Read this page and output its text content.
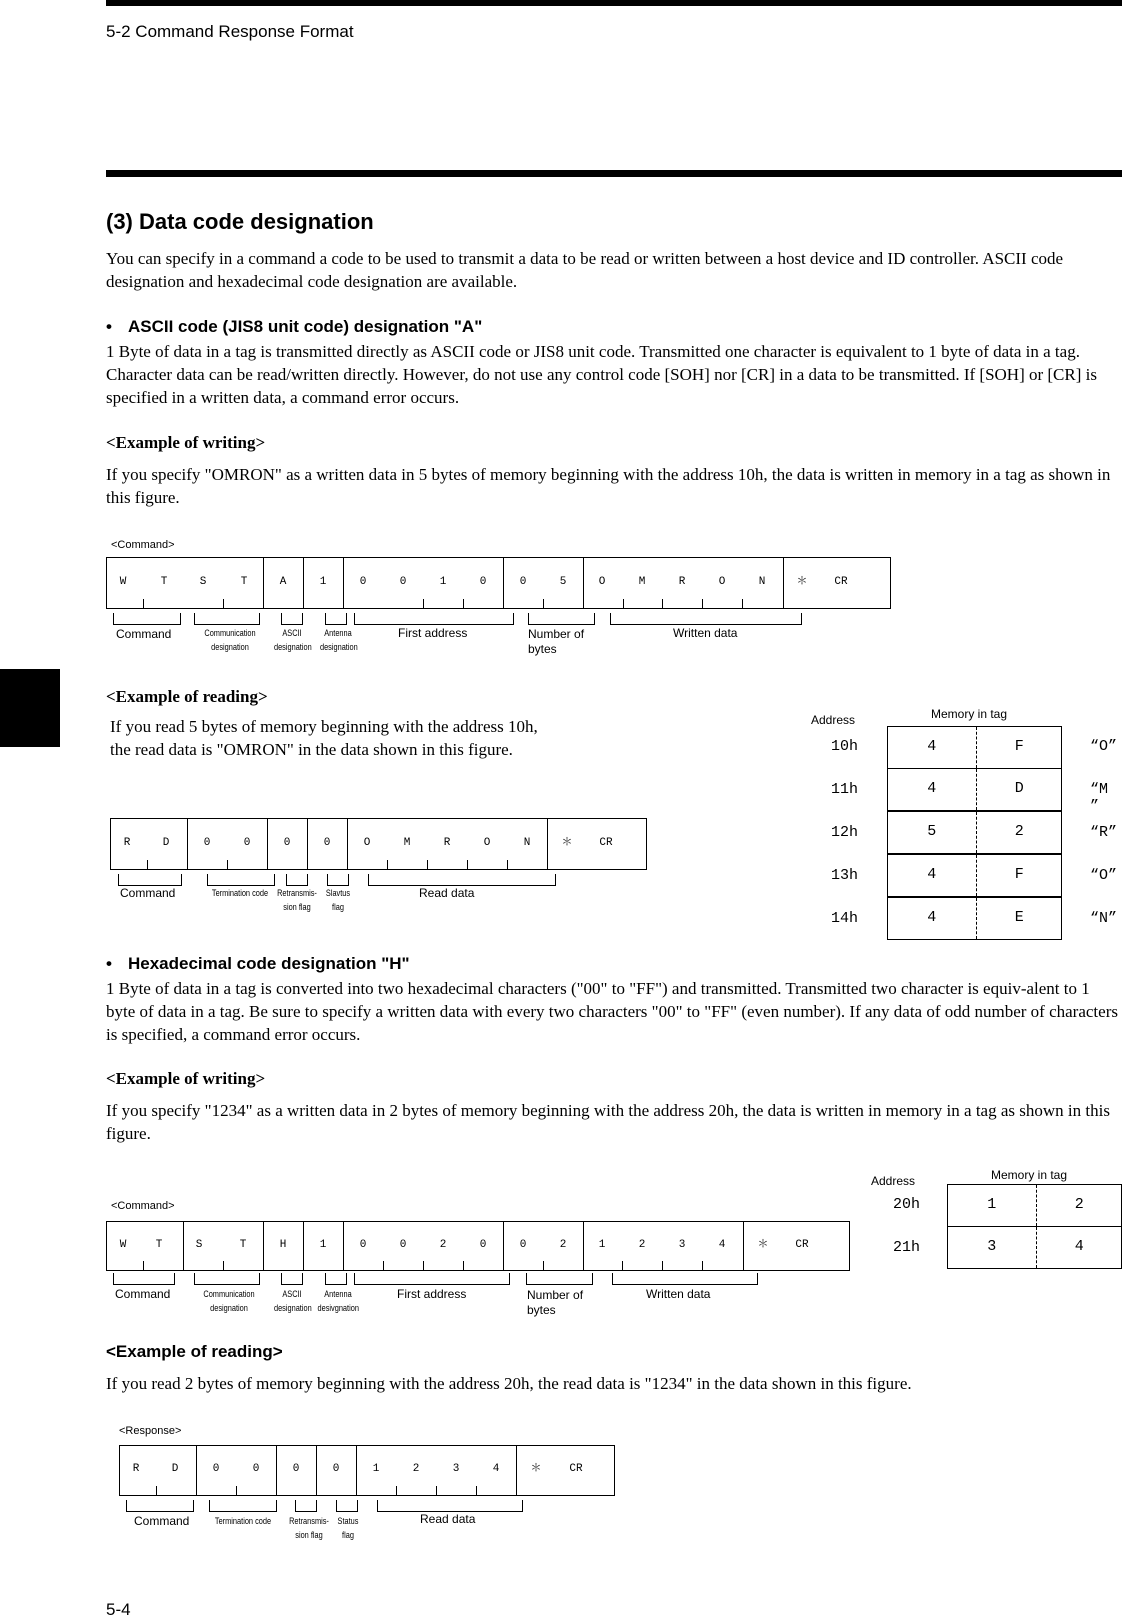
5-2 Command Response Format
(3) Data code designation
You can specify in a command a code to be used to transmit a data to be read or written between a host device and ID controller. ASCII code designation and hexadecimal code designation are available.
• ASCII code (JIS8 unit code) designation "A"
1 Byte of data in a tag is transmitted directly as ASCII code or JIS8 unit code. Transmitted one character is equivalent to 1 byte of data in a tag. Character data can be read/written directly. However, do not use any control code [SOH] nor [CR] in a data to be transmitted. If [SOH] or [CR] is specified in a written data, a command error occurs.
<Example of writing>
If you specify "OMRON" as a written data in 5 bytes of memory beginning with the address 10h, the data is written in memory in a tag as shown in this figure.
<Command>
W	T	S	T	A	1	0	0	1	0	0	5	O	M	R	O	N	＊	CR
Command	Communication
designation
ASCII
designation
Antenna
designation
First address	Number of
bytes
Written data
<Example of reading>
If you read 5 bytes of memory beginning with the address 10h,
the read data is "OMRON" in the data shown in this figure.
R	D	0	0	0	0	O	M	R	O	N	＊	CR
Command	Termination code	Retransmis-
sion flag
Slavtus
flag
Read data
Address	Memory in tag
10h	4	F	“O”
11h	4	D	“M ”
12h	5	2	“R”
13h	4	F	“O”
14h	4	E	“N”
• Hexadecimal code designation "H"
1 Byte of data in a tag is converted into two hexadecimal characters ("00" to "FF") and transmitted. Transmitted two character is equiv-alent to 1 byte of data in a tag. Be sure to specify a written data with every two characters "00" to "FF" (even number). If any data of odd number of characters is specified, a command error occurs.
<Example of writing>
If you specify "1234" as a written data in 2 bytes of memory beginning with the address 20h, the data is written in memory in a tag as shown in this figure.
<Command>
W	T	S	T	H	1	0	0	2	0	0	2	1	2	3	4	＊	CR
Command	Communication
designation
ASCII
designation
Antenna
desivgnation
First address	Number of
bytes
Written data
Address	Memory in tag
20h	1	2
21h	3	4
<Example of reading>
If you read 2 bytes of memory beginning with the address 20h, the read data is "1234" in the data shown in this figure.
<Response>
R	D	0	0	0	0	1	2	3	4	＊	CR
Command	Termination code	Retransmis-
sion flag
Status
flag
Read data
5-4
